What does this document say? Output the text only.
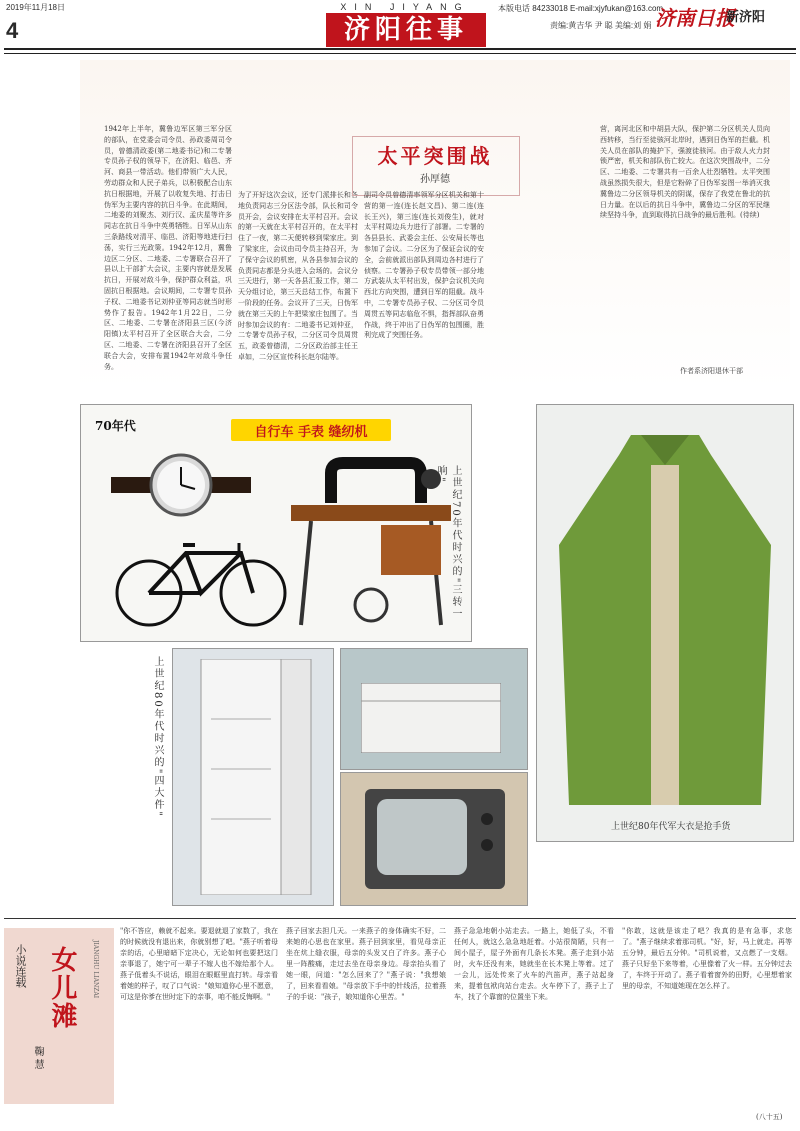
2019年11月18日
4
XIN JIYANG
济阳往事
本版电话 84233018 E-mail:xjyfukan@163.com
责编:黄吉华 尹 聪 美编:刘 娟 济南日报
新济阳
1942年上半年，冀鲁边军区第三军分区的部队，在党委会司令员、孙政委周司令员，曾德清政委(第二地委书记)和二专署专员孙子权的领导下，在济阳、临邑、齐河、商县一带活动。他们带领广大人民，劳动群众和人民子弟兵，以积极配合山东抗日根据地，开展了以收复失地、打击日伪军为主要内容的抗日斗争。在此期间，二地委的刘聚杰、刘行汉、孟庆星等许多同志在抗日斗争中英勇牺牲。日军从山东三条路线对清平、临邑、济阳等地进行扫荡，实行三光政策。1942年12月，冀鲁边区二分区、二地委、二专署联合召开了县以上干部扩大会议，主要内容就是发展抗日，开展对敌斗争，保护群众利益，巩固抗日根据地。会议期间，二专署专员孙子权、二地委书记刘仲亚等同志就当时形势作了报告。1942年1月22日，二分区、二地委、二专署在济阳县三区(今济阳镇)太平村召开了全区联合大会，二分区、二地委、二专署在济阳县召开了全区联合大会，安排布置1942年对敌斗争任务。
为了开好这次会议，还专门派排长和各地负责同志三分区法令部，队长和司令员开会，会议安排在太平村召开。会议的第一天就在太平村召开的，在太平村住了一夜，第二天便转移到梁家庄。到了梁家庄，会议由司令员主持召开，为了保守会议的机密，从各县参加会议的负责同志都是分头进入会场的。会议分三天进行，第一天各县汇报工作，第二天分组讨论，第三天总结工作，布置下一阶段的任务。会议开了三天，日伪军就在第三天的上午把梁家庄包围了。当时参加会议的有：二地委书记刘仲亚，二专署专员孙子权，二分区司令员周贯五，政委曾德清，二分区政治部主任王卓如，二分区宣传科长赵尔陆等。
太平突围战
孙厚德
副司令员曾德清率领军分区机关和第十营的第一连(连长赵文昌)、第二连(连长王兴)，第三连(连长刘俊生)，就对太平村周边兵力进行了部署。二专署的各县县长、武委会主任、公安局长等也参加了会议。二分区为了保证会议的安全，会前就派出部队到周边各村进行了侦察。二专署孙子权专员带领一部分地方武装从太平村出发，保护会议机关向西北方向突围，遭到日军的阻截。战斗中，二专署专员孙子权、二分区司令员周贯五等同志临危不惧，指挥部队奋勇作战，终于冲出了日伪军的包围圈，胜利完成了突围任务。
营，离河北区和中胡县大队，保护第二分区机关人员向西转移，当行至徒骇河北岸时，遇到日伪军的拦截。机关人员在部队的掩护下，强渡徒骇河。由于敌人火力封锁严密，机关和部队伤亡较大。在这次突围战中，二分区、二地委、二专署共有一百余人壮烈牺牲。太平突围战虽然损失很大，但是它粉碎了日伪军妄图一举消灭我冀鲁边二分区领导机关的阴谋，保存了我党在鲁北的抗日力量。在以后的抗日斗争中，冀鲁边二分区的军民继续坚持斗争，直到取得抗日战争的最后胜利。(待续)
作者系济阳退休干部
70年代	自行车 手表 缝纫机
上世纪70年代时兴的"三转一响"
上世纪80年代军大衣是抢手货
上世纪80年代时兴的"四大件"
女儿滩	JIANGHU LIANZAI
小说连载
鞠 慧
"你不答应，赖就不起来。要退就退了家数了，我在的时候就没有退出来，你就别想了吧。"燕子听着母亲的话，心里暗暗下定决心，无论如何也要把这门亲事退了，她宁可一辈子不嫁人也不嫁给那个人。燕子低着头不说话，眼泪在眼眶里直打转。母亲看着她的样子，叹了口气说："娘知道你心里不愿意，可这是你爹在世时定下的亲事，咱不能反悔啊。"
燕子回家去担几天。一来燕子的身体确实不好，二来她的心思也在家里。燕子回到家里，看见母亲正坐在炕上缝衣服，母亲的头发又白了许多。燕子心里一阵酸痛，走过去坐在母亲身边。母亲抬头看了她一眼，问道："怎么回来了？"燕子说："我想娘了，回来看看娘。"母亲放下手中的针线活，拉着燕子的手说："孩子，娘知道你心里苦。"
燕子急急地朝小站走去。一路上，她低了头，不看任何人，就这么急急地赶着。小站很简陋，只有一间小屋子，屋子外面有几条长木凳。燕子走到小站时，火车还没有来，她就坐在长木凳上等着。过了一会儿，远处传来了火车的汽笛声，燕子站起身来，提着包袱向站台走去。火车停下了，燕子上了车，找了个靠窗的位置坐下来。
"你敢，这就是该走了吧？我真的是有急事，求您了。"燕子继续求着那司机。"好，好，马上就走。再等五分钟，最后五分钟。"司机说着，又点燃了一支烟。燕子只好坐下来等着，心里像着了火一样。五分钟过去了，车终于开动了。燕子看着窗外的田野，心里想着家里的母亲，不知道她现在怎么样了。
(八十五)
